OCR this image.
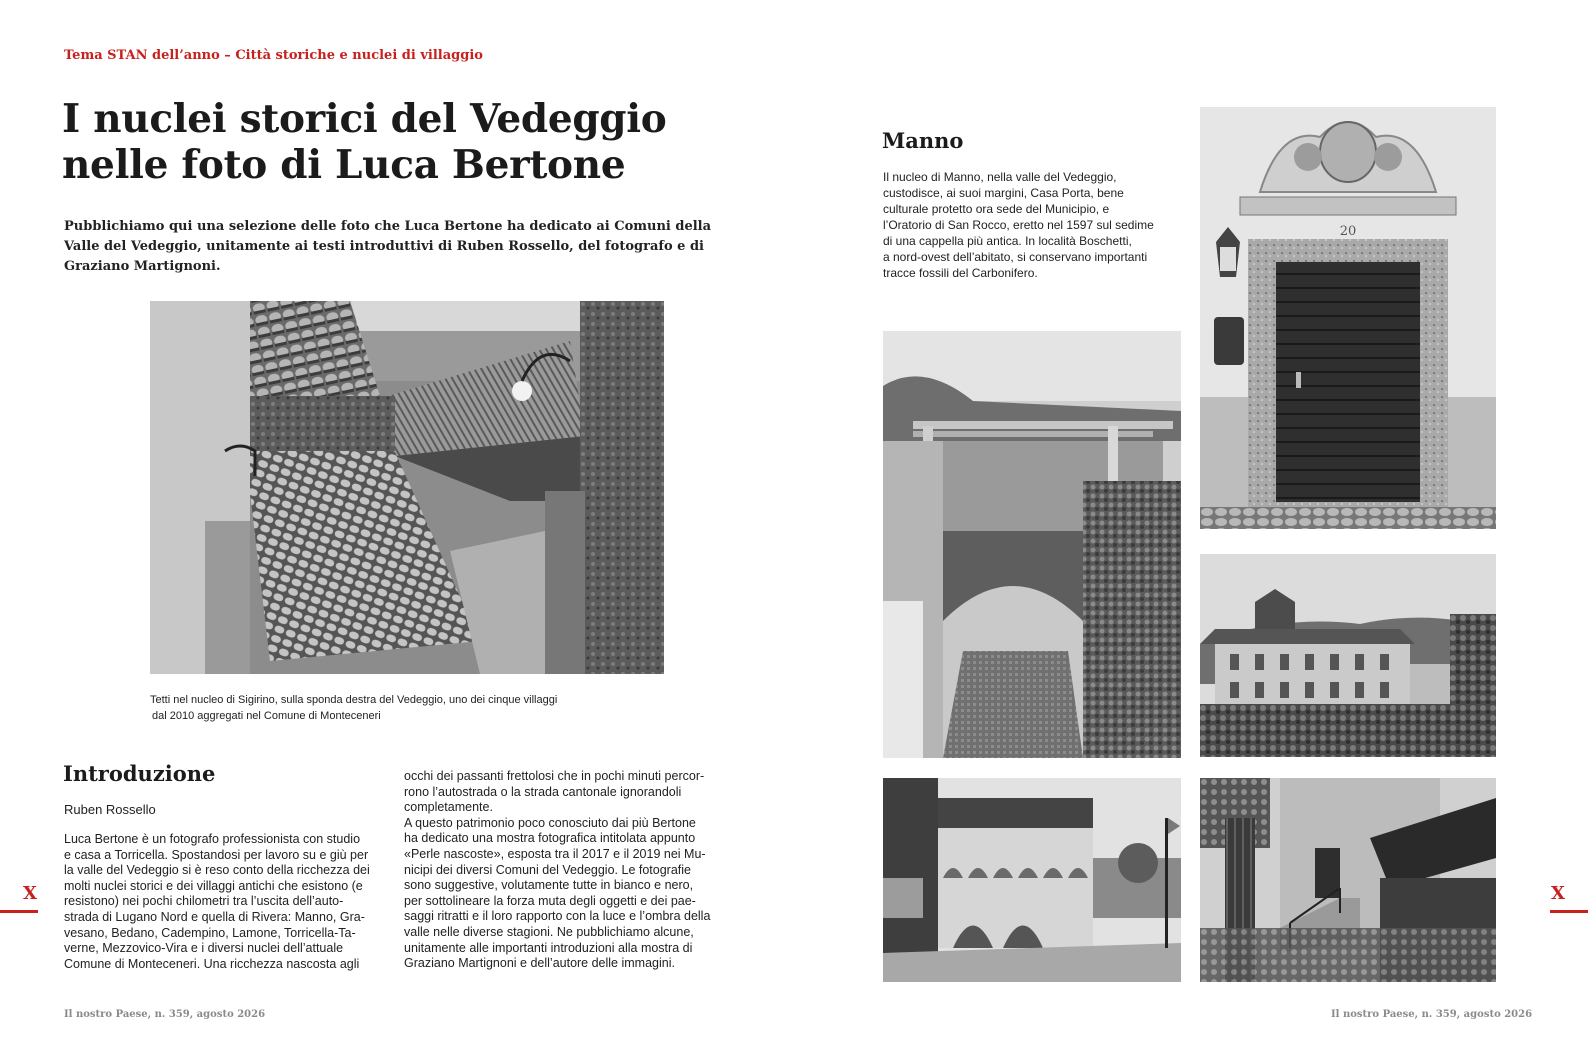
Tema STAN dell’anno – Città storiche e nuclei di villaggio
I nuclei storici del Vedeggio
nelle foto di Luca Bertone
Pubblichiamo qui una selezione delle foto che Luca Bertone ha dedicato ai Comuni della
Valle del Vedeggio, unitamente ai testi introduttivi di Ruben Rossello, del fotografo e di
Graziano Martignoni.
Tetti nel nucleo di Sigirino, sulla sponda destra del Vedeggio, uno dei cinque villaggi
dal 2010 aggregati nel Comune di Monteceneri
Introduzione
Ruben Rossello
Luca Bertone è un fotografo professionista con studio
e casa a Torricella. Spostandosi per lavoro su e giù per
la valle del Vedeggio si è reso conto della ricchezza dei
molti nuclei storici e dei villaggi antichi che esistono (e
resistono) nei pochi chilometri tra l’uscita dell’auto-
strada di Lugano Nord e quella di Rivera: Manno, Gra-
vesano, Bedano, Cadempino, Lamone, Torricella-Ta-
verne, Mezzovico-Vira e i diversi nuclei dell’attuale
Comune di Monteceneri. Una ricchezza nascosta agli
occhi dei passanti frettolosi che in pochi minuti percor-
rono l’autostrada o la strada cantonale ignorandoli
completamente.
A questo patrimonio poco conosciuto dai più Bertone
ha dedicato una mostra fotografica intitolata appunto
«Perle nascoste», esposta tra il 2017 e il 2019 nei Mu-
nicipi dei diversi Comuni del Vedeggio. Le fotografie
sono suggestive, volutamente tutte in bianco e nero,
per sottolineare la forza muta degli oggetti e dei pae-
saggi ritratti e il loro rapporto con la luce e l’ombra della
valle nelle diverse stagioni. Ne pubblichiamo alcune,
unitamente alle importanti introduzioni alla mostra di
Graziano Martignoni e dell’autore delle immagini.
Manno
Il nucleo di Manno, nella valle del Vedeggio,
custodisce, ai suoi margini, Casa Porta, bene
culturale protetto ora sede del Municipio, e
l’Oratorio di San Rocco, eretto nel 1597 sul sedime
di una cappella più antica. In località Boschetti,
a nord-ovest dell’abitato, si conservano importanti
tracce fossili del Carbonifero.
20
X	X
Il nostro Paese, n. 359, agosto 2026	Il nostro Paese, n. 359, agosto 2026
